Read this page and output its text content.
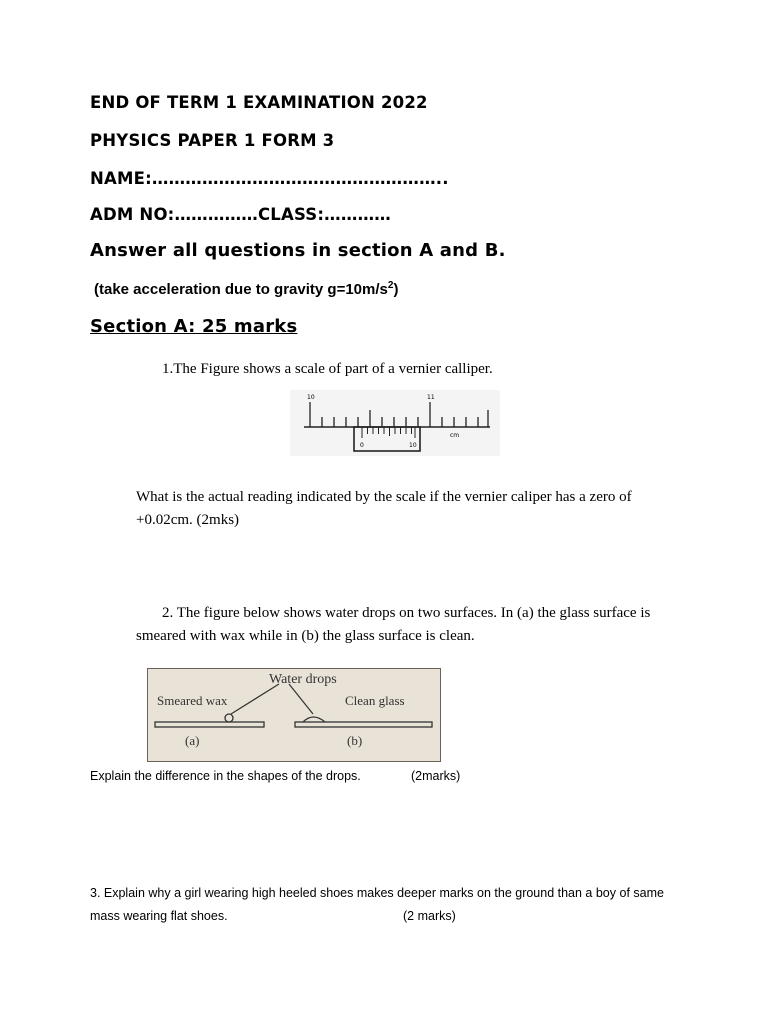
END OF TERM 1 EXAMINATION 2022
PHYSICS PAPER 1 FORM 3
NAME:……………………………………………..
ADM NO:……………CLASS:…………
Answer all questions in section A and B.
(take acceleration due to gravity $g=10m/s^2$)
Section A: 25 marks
1.The Figure shows a scale of part of a vernier calliper.
10	11
cm
0	10
What is the actual reading indicated by the scale if the vernier caliper has a zero of
+0.02cm. (2mks)
2. The figure below shows water drops on two surfaces. In (a) the glass surface is
smeared with wax while in (b) the glass surface is clean.
Water drops
Smeared wax	Clean glass
(a)	(b)
Explain the difference in the shapes of the drops.	(2marks)
3. Explain why a girl wearing high heeled shoes makes deeper marks on the ground than a boy of same
mass wearing flat shoes.	(2 marks)
